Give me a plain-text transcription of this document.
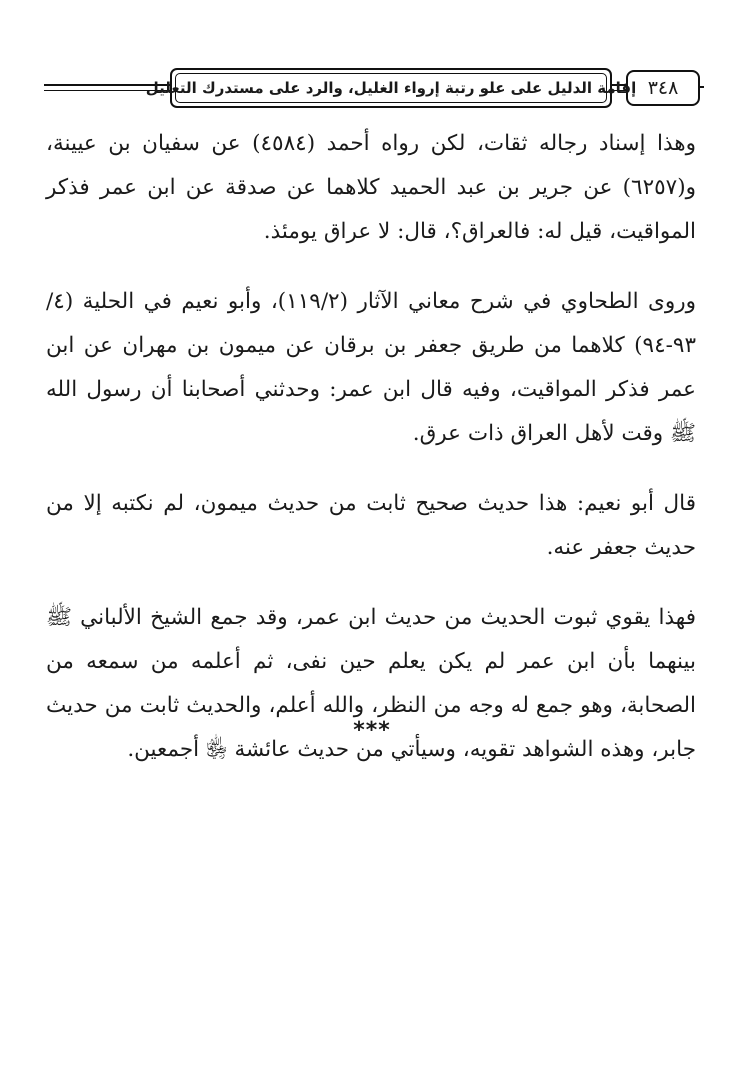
إقامة الدليل على علو رتبة إرواء الغليل، والرد على مستدرك التعليل ٣٤٨

وهذا إسناد رجاله ثقات، لكن رواه أحمد (٤٥٨٤) عن سفيان بن عيينة، و(٦٢٥٧) عن جرير بن عبد الحميد كلاهما عن صدقة عن ابن عمر فذكر المواقيت، قيل له: فالعراق؟، قال: لا عراق يومئذ.

وروى الطحاوي في شرح معاني الآثار (١١٩/٢)، وأبو نعيم في الحلية (٤/ ٩٣-٩٤) كلاهما من طريق جعفر بن برقان عن ميمون بن مهران عن ابن عمر فذكر المواقيت، وفيه قال ابن عمر: وحدثني أصحابنا أن رسول الله ﷺ وقت لأهل العراق ذات عرق.

قال أبو نعيم: هذا حديث صحيح ثابت من حديث ميمون، لم نكتبه إلا من حديث جعفر عنه.

فهذا يقوي ثبوت الحديث من حديث ابن عمر، وقد جمع الشيخ الألباني ﷺ بينهما بأن ابن عمر لم يكن يعلم حين نفى، ثم أعلمه من سمعه من الصحابة، وهو جمع له وجه من النظر، والله أعلم، والحديث ثابت من حديث جابر، وهذه الشواهد تقويه، وسيأتي من حديث عائشة ﵂ أجمعين.

***
